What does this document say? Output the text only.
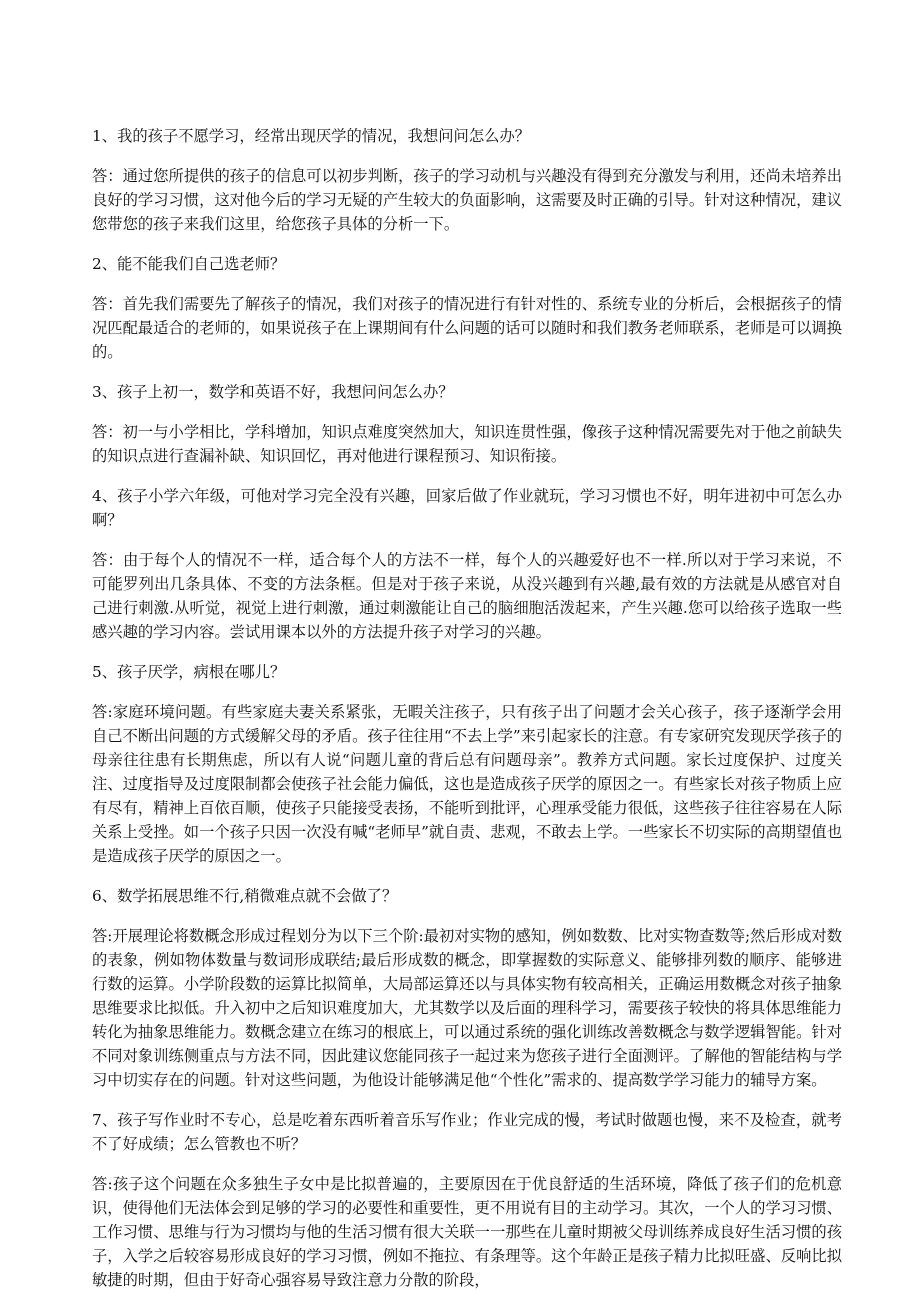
1、我的孩子不愿学习，经常出现厌学的情况，我想问问怎么办？

答：通过您所提供的孩子的信息可以初步判断，孩子的学习动机与兴趣没有得到充分激发与利用，还尚未培养出良好的学习习惯，这对他今后的学习无疑的产生较大的负面影响，这需要及时正确的引导。针对这种情况，建议您带您的孩子来我们这里，给您孩子具体的分析一下。

2、能不能我们自己选老师？

答：首先我们需要先了解孩子的情况，我们对孩子的情况进行有针对性的、系统专业的分析后，会根据孩子的情况匹配最适合的老师的，如果说孩子在上课期间有什么问题的话可以随时和我们教务老师联系，老师是可以调换的。

3、孩子上初一，数学和英语不好，我想问问怎么办？

答：初一与小学相比，学科增加，知识点难度突然加大，知识连贯性强，像孩子这种情况需要先对于他之前缺失的知识点进行查漏补缺、知识回忆，再对他进行课程预习、知识衔接。

4、孩子小学六年级，可他对学习完全没有兴趣，回家后做了作业就玩，学习习惯也不好，明年进初中可怎么办啊？

答：由于每个人的情况不一样，适合每个人的方法不一样，每个人的兴趣爱好也不一样.所以对于学习来说，不可能罗列出几条具体、不变的方法条框。但是对于孩子来说，从没兴趣到有兴趣,最有效的方法就是从感官对自己进行刺激.从听觉，视觉上进行刺激，通过刺激能让自己的脑细胞活泼起来，产生兴趣.您可以给孩子选取一些感兴趣的学习内容。尝试用课本以外的方法提升孩子对学习的兴趣。

5、孩子厌学，病根在哪儿？

答:家庭环境问题。有些家庭夫妻关系紧张，无暇关注孩子，只有孩子出了问题才会关心孩子，孩子逐渐学会用自己不断出问题的方式缓解父母的矛盾。孩子往往用“不去上学”来引起家长的注意。有专家研究发现厌学孩子的母亲往往患有长期焦虑，所以有人说“问题儿童的背后总有问题母亲”。教养方式问题。家长过度保护、过度关注、过度指导及过度限制都会使孩子社会能力偏低，这也是造成孩子厌学的原因之一。有些家长对孩子物质上应有尽有，精神上百依百顺，使孩子只能接受表扬，不能听到批评，心理承受能力很低，这些孩子往往容易在人际关系上受挫。如一个孩子只因一次没有喊“老师早”就自责、悲观，不敢去上学。一些家长不切实际的高期望值也是造成孩子厌学的原因之一。

6、数学拓展思维不行,稍微难点就不会做了？

答:开展理论将数概念形成过程划分为以下三个阶:最初对实物的感知，例如数数、比对实物查数等;然后形成对数的表象，例如物体数量与数词形成联结;最后形成数的概念，即掌握数的实际意义、能够排列数的顺序、能够进行数的运算。小学阶段数的运算比拟简单，大局部运算还以与具体实物有较高相关，正确运用数概念对孩子抽象思维要求比拟低。升入初中之后知识难度加大，尤其数学以及后面的理科学习，需要孩子较快的将具体思维能力转化为抽象思维能力。数概念建立在练习的根底上，可以通过系统的强化训练改善数概念与数学逻辑智能。针对不同对象训练侧重点与方法不同，因此建议您能同孩子一起过来为您孩子进行全面测评。了解他的智能结构与学习中切实存在的问题。针对这些问题，为他设计能够满足他“个性化”需求的、提高数学学习能力的辅导方案。

7、孩子写作业时不专心，总是吃着东西听着音乐写作业；作业完成的慢，考试时做题也慢，来不及检查，就考不了好成绩；怎么管教也不听？

答:孩子这个问题在众多独生子女中是比拟普遍的，主要原因在于优良舒适的生活环境，降低了孩子们的危机意识，使得他们无法体会到足够的学习的必要性和重要性，更不用说有目的主动学习。其次，一个人的学习习惯、工作习惯、思维与行为习惯均与他的生活习惯有很大关联一一那些在儿童时期被父母训练养成良好生活习惯的孩子，入学之后较容易形成良好的学习习惯，例如不拖拉、有条理等。这个年龄正是孩子精力比拟旺盛、反响比拟敏捷的时期，但由于好奇心强容易导致注意力分散的阶段，
